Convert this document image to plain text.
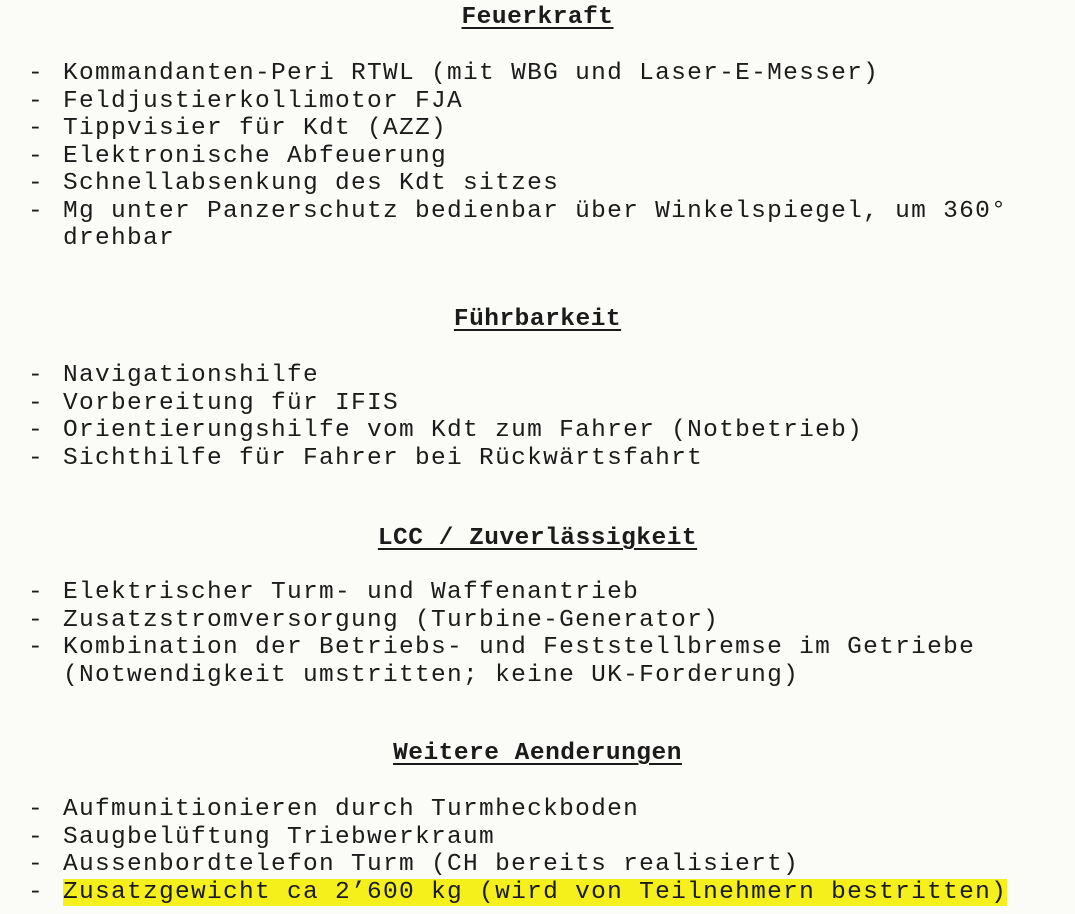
Feuerkraft
- Kommandanten-Peri RTWL (mit WBG und Laser-E-Messer)
- Feldjustierkollimotor FJA
- Tippvisier für Kdt (AZZ)
- Elektronische Abfeuerung
- Schnellabsenkung des Kdt sitzes
- Mg unter Panzerschutz bedienbar über Winkelspiegel, um 360°
drehbar
Führbarkeit
- Navigationshilfe
- Vorbereitung für IFIS
- Orientierungshilfe vom Kdt zum Fahrer (Notbetrieb)
- Sichthilfe für Fahrer bei Rückwärtsfahrt
LCC / Zuverlässigkeit
- Elektrischer Turm- und Waffenantrieb
- Zusatzstromversorgung (Turbine-Generator)
- Kombination der Betriebs- und Feststellbremse im Getriebe
(Notwendigkeit umstritten; keine UK-Forderung)
Weitere Aenderungen
- Aufmunitionieren durch Turmheckboden
- Saugbelüftung Triebwerkraum
- Aussenbordtelefon Turm (CH bereits realisiert)
- Zusatzgewicht ca 2’600 kg (wird von Teilnehmern bestritten)
